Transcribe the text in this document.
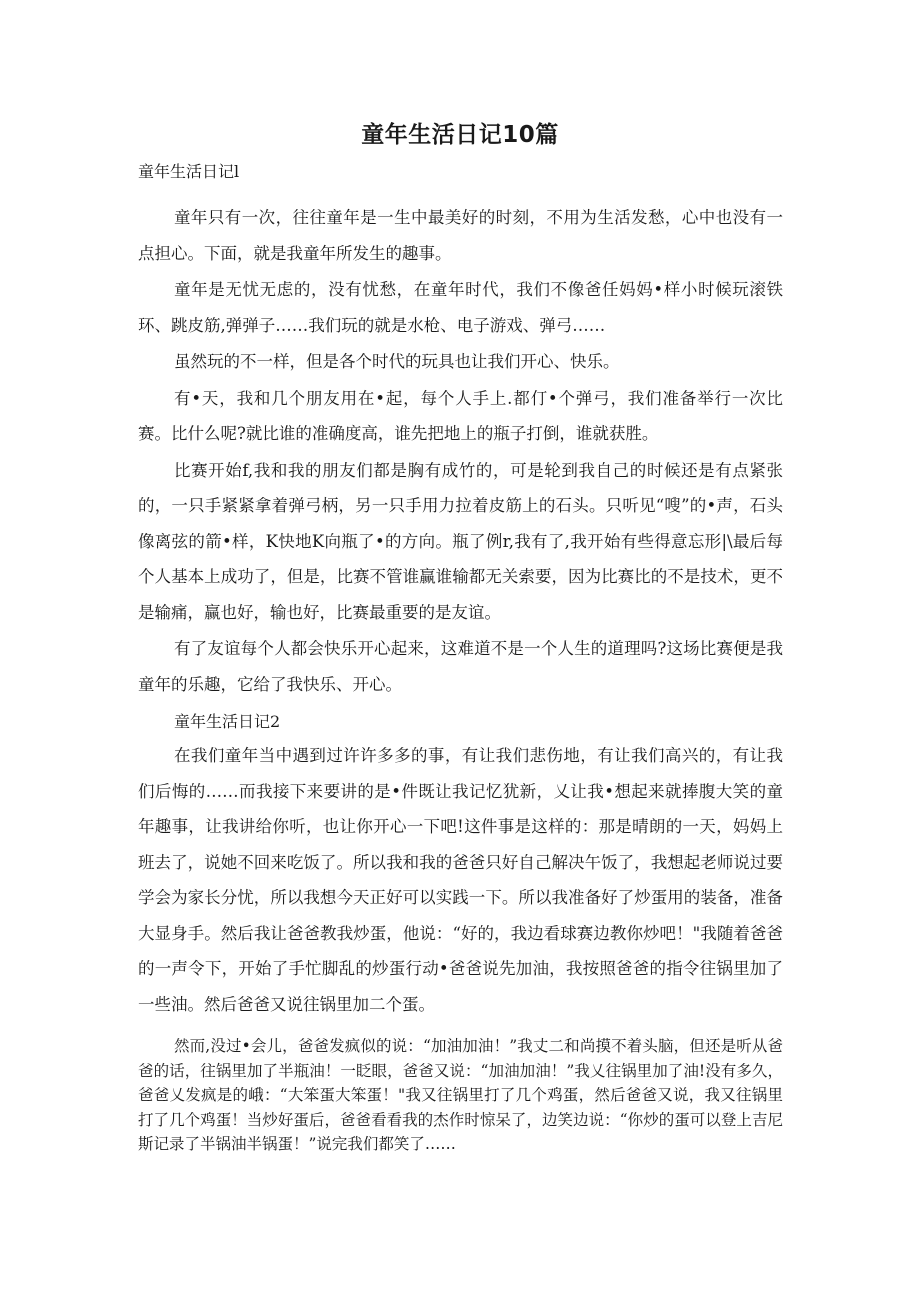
童年生活日记10篇

童年生活日记l

童年只有一次，往往童年是一生中最美好的时刻，不用为生活发愁，心中也没有一点担心。下面，就是我童年所发生的趣事。

童年是无忧无虑的，没有忧愁，在童年时代，我们不像爸任妈妈•样小时候玩滚铁环、跳皮筋,弹弹子……我们玩的就是水枪、电子游戏、弹弓……

虽然玩的不一样，但是各个时代的玩具也让我们开心、快乐。

有•天，我和几个朋友用在•起，每个人手上.都仃•个弹弓，我们准备举行一次比赛。比什么呢?就比谁的准确度高，谁先把地上的瓶子打倒，谁就获胜。

比赛开始f,我和我的朋友们都是胸有成竹的，可是轮到我自己的时候还是有点紧张的，一只手紧紧拿着弹弓柄，另一只手用力拉着皮筋上的石头。只听见“嗖”的•声，石头像离弦的箭•样，K快地K向瓶了•的方向。瓶了例r,我有了,我开始有些得意忘形|\最后每个人基本上成功了，但是，比赛不管谁赢谁输都无关索要，因为比赛比的不是技术，更不是输痛，赢也好，输也好，比赛最重要的是友谊。

有了友谊每个人都会快乐开心起来，这难道不是一个人生的道理吗?这场比赛便是我童年的乐趣，它给了我快乐、开心。

童年生活日记2

在我们童年当中遇到过许许多多的事，有让我们悲伤地，有让我们高兴的，有让我们后悔的……而我接下来要讲的是•件既让我记忆犹新，乂让我•想起来就捧腹大笑的童年趣事，让我讲给你听，也让你开心一下吧!这件事是这样的：那是晴朗的一天，妈妈上班去了，说她不回来吃饭了。所以我和我的爸爸只好自己解决午饭了，我想起老师说过要学会为家长分忧，所以我想今天正好可以实践一下。所以我准备好了炒蛋用的装备，准备大显身手。然后我让爸爸教我炒蛋，他说：“好的，我边看球赛边教你炒吧！"我随着爸爸的一声令下，开始了手忙脚乱的炒蛋行动•爸爸说先加油，我按照爸爸的指令往锅里加了一些油。然后爸爸又说往锅里加二个蛋。

然而,没过•会儿，爸爸发疯似的说：“加油加油！”我丈二和尚摸不着头脑，但还是听从爸爸的话，往锅里加了半瓶油！一眨眼，爸爸又说：“加油加油！”我乂往锅里加了油!没有多久，爸爸乂发疯是的峨：“大笨蛋大笨蛋！"我又往锅里打了几个鸡蛋，然后爸爸又说，我又往锅里打了几个鸡蛋！当炒好蛋后，爸爸看看我的杰作时惊呆了，边笑边说：“你炒的蛋可以登上吉尼斯记录了半锅油半锅蛋！”说完我们都笑了……
